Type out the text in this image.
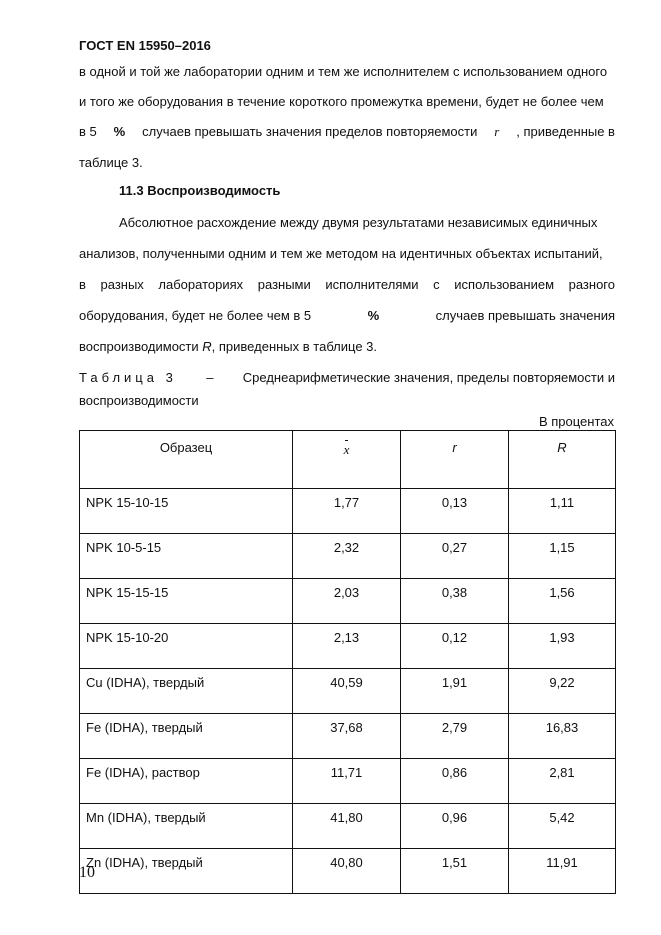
ГОСТ EN 15950–2016
в одной и той же лаборатории одним и тем же исполнителем с использованием одного
и того же оборудования в течение короткого промежутка времени, будет не более чем
в 5 % случаев превышать значения пределов повторяемости r , приведенные в
таблице 3.
11.3 Воспроизводимость
Абсолютное расхождение между двумя результатами независимых единичных
анализов, полученными одним и тем же методом на идентичных объектах испытаний,
в разных лабораториях разными исполнителями с использованием разного
оборудования, будет не более чем в 5	%	случаев превышать значения
воспроизводимости R, приведенных в таблице 3.
Таблица 3 – Среднеарифметические значения, пределы повторяемости и
воспроизводимости
В процентах
Образец	x	r	R
NPK 15-10-15	1,77	0,13	1,11
NPK 10-5-15	2,32	0,27	1,15
NPK 15-15-15	2,03	0,38	1,56
NPK 15-10-20	2,13	0,12	1,93
Cu (IDHA), твердый	40,59	1,91	9,22
Fe (IDHA), твердый	37,68	2,79	16,83
Fe (IDHA), раствор	11,71	0,86	2,81
Mn (IDHA), твердый	41,80	0,96	5,42
Zn (IDHA), твердый	40,80	1,51	11,91
10
